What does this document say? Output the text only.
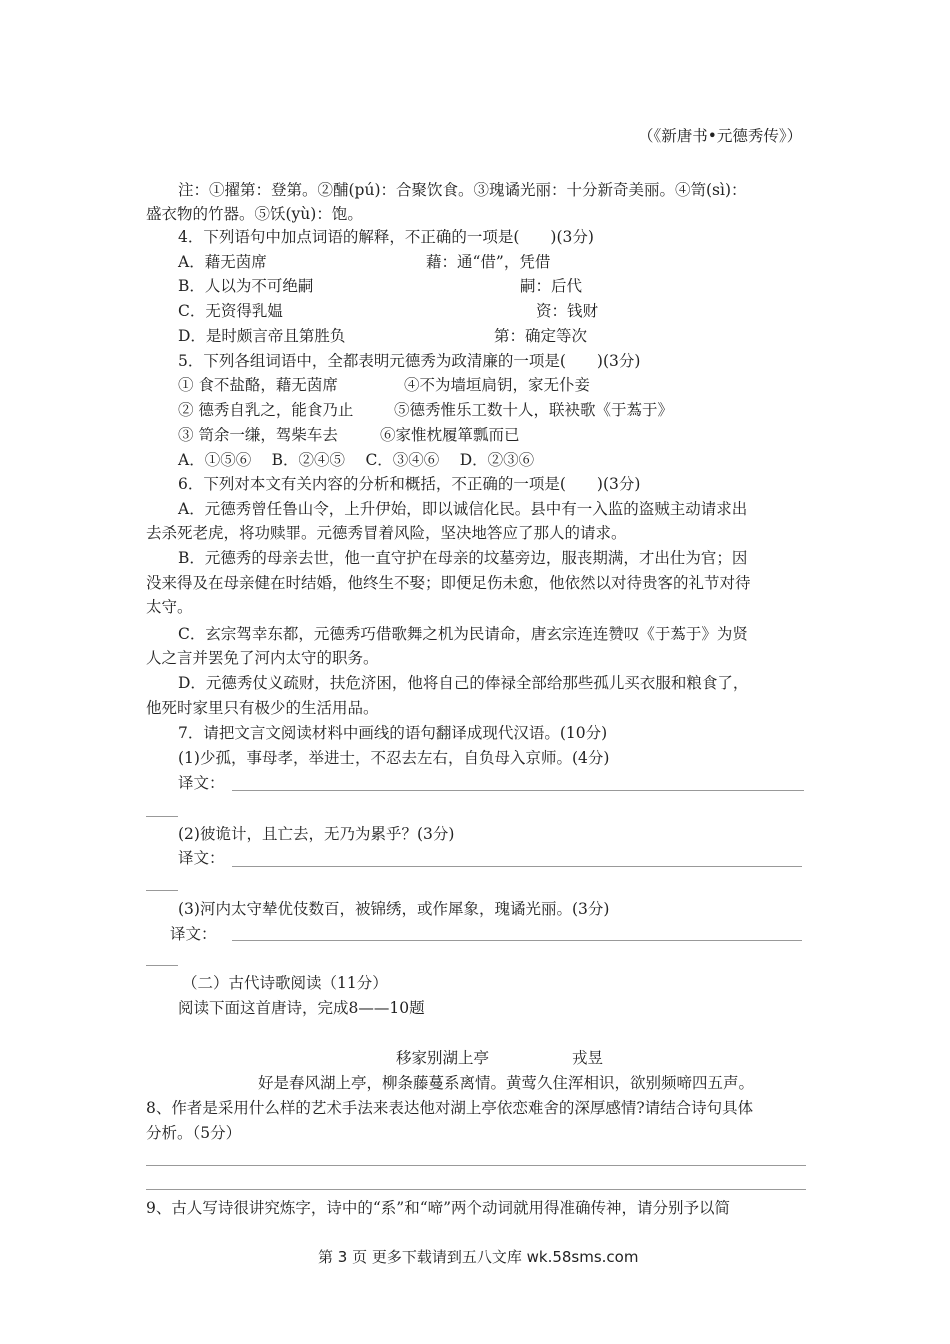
（《新唐书•元德秀传》）
注：①擢第：登第。②酺(pú)：合聚饮食。③瑰谲光丽：十分新奇美丽。④笥(sì)：
盛衣物的竹器。⑤饫(yù)：饱。
4．下列语句中加点词语的解释，不正确的一项是(　　)(3分)
A．藉无茵席	藉：通“借”，凭借
B．人以为不可绝嗣	嗣：后代
C．无资得乳媪	资：钱财
D．是时颇言帝且第胜负	第：确定等次
5．下列各组词语中，全都表明元德秀为政清廉的一项是(　　)(3分)
① 食不盐酪，藉无茵席	④不为墙垣扃钥，家无仆妾
② 德秀自乳之，能食乃止	⑤德秀惟乐工数十人，联袂歌《于蒍于》
③ 笥余一缣，驾柴车去	⑥家惟枕履箪瓢而已
A．①⑤⑥　 B．②④⑤　 C．③④⑥　 D．②③⑥
6．下列对本文有关内容的分析和概括，不正确的一项是(　　)(3分)
A．元德秀曾任鲁山令，上升伊始，即以诚信化民。县中有一入监的盗贼主动请求出
去杀死老虎，将功赎罪。元德秀冒着风险，坚决地答应了那人的请求。
B．元德秀的母亲去世，他一直守护在母亲的坟墓旁边，服丧期满，才出仕为官；因
没来得及在母亲健在时结婚，他终生不娶；即便足伤未愈，他依然以对待贵客的礼节对待
太守。
C．玄宗驾幸东都，元德秀巧借歌舞之机为民请命，唐玄宗连连赞叹《于蒍于》为贤
人之言并罢免了河内太守的职务。
D．元德秀仗义疏财，扶危济困，他将自己的俸禄全部给那些孤儿买衣服和粮食了，
他死时家里只有极少的生活用品。
7．请把文言文阅读材料中画线的语句翻译成现代汉语。(10分)
(1)少孤，事母孝，举进士，不忍去左右，自负母入京师。(4分)
译文：
(2)彼诡计，且亡去，无乃为累乎？(3分)
译文：
(3)河内太守辇优伎数百，被锦绣，或作犀象，瑰谲光丽。(3分)
译文：
（二）古代诗歌阅读（11分）
阅读下面这首唐诗，完成8——10题
移家别湖上亭	戎昱
好是春风湖上亭，柳条藤蔓系离情。黄莺久住浑相识，欲别频啼四五声。
8、作者是采用什么样的艺术手法来表达他对湖上亭依恋难舍的深厚感情?请结合诗句具体
分析。（5分）
9、古人写诗很讲究炼字，诗中的“系”和“啼”两个动词就用得准确传神，请分别予以简
第 3 页 更多下载请到五八文库 wk.58sms.com
